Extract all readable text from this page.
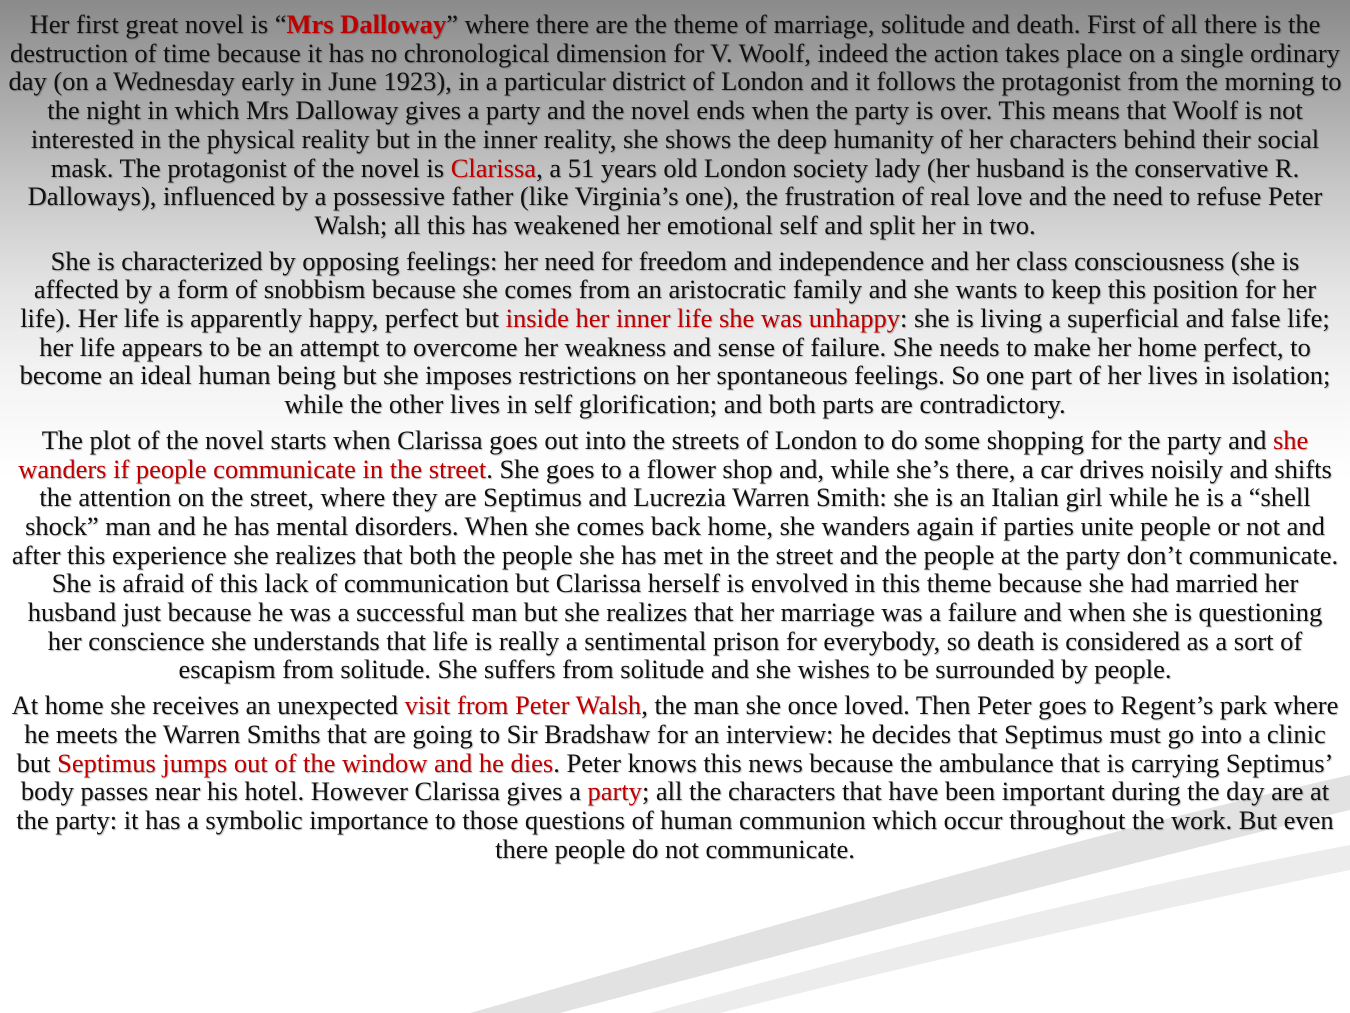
Her first great novel is “Mrs Dalloway” where there are the theme of marriage, solitude and death. First of all there is the destruction of time because it has no chronological dimension for V. Woolf, indeed the action takes place on a single ordinary day (on a Wednesday early in June 1923), in a particular district of London and it follows the protagonist from the morning to the night in which Mrs Dalloway gives a party and the novel ends when the party is over. This means that Woolf is not interested in the physical reality but in the inner reality, she shows the deep humanity of her characters behind their social mask. The protagonist of the novel is Clarissa, a 51 years old London society lady (her husband is the conservative R. Dalloways), influenced by a possessive father (like Virginia’s one), the frustration of real love and the need to refuse Peter Walsh; all this has weakened her emotional self and split her in two.

She is characterized by opposing feelings: her need for freedom and independence and her class consciousness (she is affected by a form of snobbism because she comes from an aristocratic family and she wants to keep this position for her life). Her life is apparently happy, perfect but inside her inner life she was unhappy: she is living a superficial and false life; her life appears to be an attempt to overcome her weakness and sense of failure. She needs to make her home perfect, to become an ideal human being but she imposes restrictions on her spontaneous feelings. So one part of her lives in isolation; while the other lives in self glorification; and both parts are contradictory.

The plot of the novel starts when Clarissa goes out into the streets of London to do some shopping for the party and she wanders if people communicate in the street. She goes to a flower shop and, while she’s there, a car drives noisily and shifts the attention on the street, where they are Septimus and Lucrezia Warren Smith: she is an Italian girl while he is a “shell shock” man and he has mental disorders. When she comes back home, she wanders again if parties unite people or not and after this experience she realizes that both the people she has met in the street and the people at the party don’t communicate. She is afraid of this lack of communication but Clarissa herself is envolved in this theme because she had married her husband just because he was a successful man but she realizes that her marriage was a failure and when she is questioning her conscience she understands that life is really a sentimental prison for everybody, so death is considered as a sort of escapism from solitude. She suffers from solitude and she wishes to be surrounded by people.

At home she receives an unexpected visit from Peter Walsh, the man she once loved. Then Peter goes to Regent’s park where he meets the Warren Smiths that are going to Sir Bradshaw for an interview: he decides that Septimus must go into a clinic but Septimus jumps out of the window and he dies. Peter knows this news because the ambulance that is carrying Septimus’ body passes near his hotel. However Clarissa gives a party; all the characters that have been important during the day are at the party: it has a symbolic importance to those questions of human communion which occur throughout the work. But even there people do not communicate.
